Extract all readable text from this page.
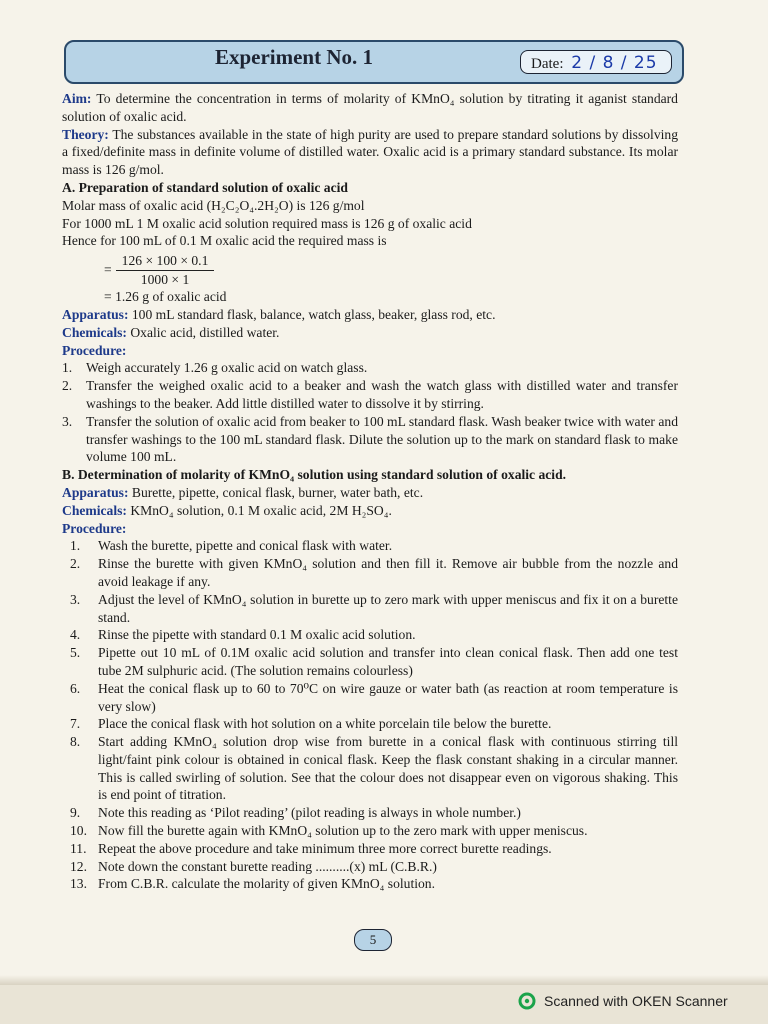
Experiment No. 1	Date: 2 / 8 / 25

Aim: To determine the concentration in terms of molarity of KMnO₄ solution by titrating it aganist standard solution of oxalic acid.

Theory: The substances available in the state of high purity are used to prepare standard solutions by dissolving a fixed/definite mass in definite volume of distilled water. Oxalic acid is a primary standard substance. Its molar mass is 126 g/mol.

A. Preparation of standard solution of oxalic acid

Molar mass of oxalic acid (H₂C₂O₄.2H₂O) is 126 g/mol

For 1000 mL 1 M oxalic acid solution required mass is 126 g of oxalic acid

Hence for 100 mL of 0.1 M oxalic acid the required mass is

= $\frac{126 \times 100 \times 0.1}{1000 \times 1}$

= 1.26 g of oxalic acid

Apparatus: 100 mL standard flask, balance, watch glass, beaker, glass rod, etc.

Chemicals: Oxalic acid, distilled water.

Procedure:

1.	Weigh accurately 1.26 g oxalic acid on watch glass.
2.	Transfer the weighed oxalic acid to a beaker and wash the watch glass with distilled water and transfer washings to the beaker. Add little distilled water to dissolve it by stirring.
3.	Transfer the solution of oxalic acid from beaker to 100 mL standard flask. Wash beaker twice with water and transfer washings to the 100 mL standard flask. Dilute the solution up to the mark on standard flask to make volume 100 mL.

B. Determination of molarity of KMnO₄ solution using standard solution of oxalic acid.

Apparatus: Burette, pipette, conical flask, burner, water bath, etc.

Chemicals: KMnO₄ solution, 0.1 M oxalic acid, 2M H₂SO₄.

Procedure:

1.	Wash the burette, pipette and conical flask with water.
2.	Rinse the burette with given KMnO₄ solution and then fill it. Remove air bubble from the nozzle and avoid leakage if any.
3.	Adjust the level of KMnO₄ solution in burette up to zero mark with upper meniscus and fix it on a burette stand.
4.	Rinse the pipette with standard 0.1 M oxalic acid solution.
5.	Pipette out 10 mL of 0.1M oxalic acid solution and transfer into clean conical flask. Then add one test tube 2M sulphuric acid. (The solution remains colourless)
6.	Heat the conical flask up to 60 to 70⁰C on wire gauze or water bath (as reaction at room temperature is very slow)
7.	Place the conical flask with hot solution on a white porcelain tile below the burette.
8.	Start adding KMnO₄ solution drop wise from burette in a conical flask with continuous stirring till light/faint pink colour is obtained in conical flask. Keep the flask constant shaking in a circular manner. This is called swirling of solution. See that the colour does not disappear even on vigorous shaking. This is end point of titration.
9.	Note this reading as ‘Pilot reading’ (pilot reading is always in whole number.)
10. Now fill the burette again with KMnO₄ solution up to the zero mark with upper meniscus.
11. Repeat the above procedure and take minimum three more correct burette readings.
12. Note down the constant burette reading ..........(x) mL (C.B.R.)
13. From C.B.R. calculate the molarity of given KMnO₄ solution.
5
Scanned with OKEN Scanner
